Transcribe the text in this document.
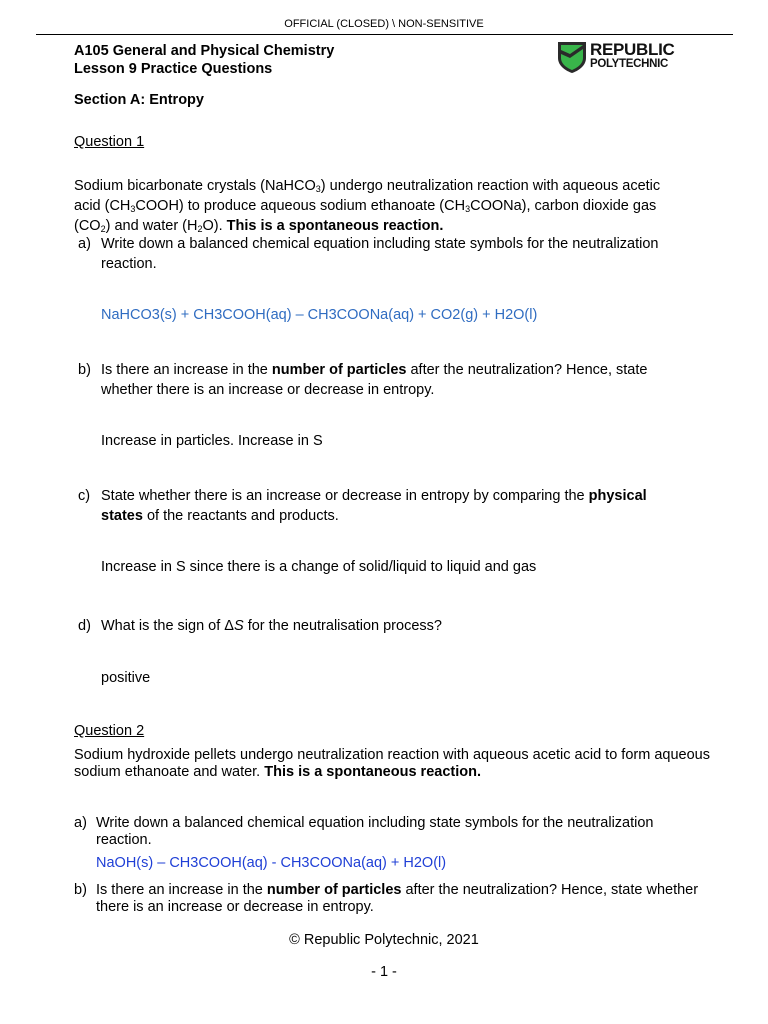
OFFICIAL (CLOSED) \ NON-SENSITIVE
A105 General and Physical Chemistry
Lesson 9 Practice Questions
REPUBLIC
POLYTECHNIC
Section A: Entropy
Question 1
Sodium bicarbonate crystals (NaHCO$_3$) undergo neutralization reaction with aqueous acetic acid $(CH_3COOH)$ to produce aqueous sodium ethanoate $(CH_3COONa)$, carbon dioxide gas $(CO_2)$ and water $(H_2O)$. This is a spontaneous reaction.
a) Write down a balanced chemical equation including state symbols for the neutralization reaction.
NaHCO3(s) + CH3COOH(aq) – CH3COONa(aq) + CO2(g) + H2O(l)
b) Is there an increase in the number of particles after the neutralization? Hence, state whether there is an increase or decrease in entropy.
Increase in particles. Increase in S
c) State whether there is an increase or decrease in entropy by comparing the physical states of the reactants and products.
Increase in S since there is a change of solid/liquid to liquid and gas
d) What is the sign of ΔS for the neutralisation process?
positive
Question 2
Sodium hydroxide pellets undergo neutralization reaction with aqueous acetic acid to form aqueous sodium ethanoate and water. This is a spontaneous reaction.
a) Write down a balanced chemical equation including state symbols for the neutralization reaction.
NaOH(s) – CH3COOH(aq) - CH3COONa(aq) + H2O(l)
b) Is there an increase in the number of particles after the neutralization? Hence, state whether there is an increase or decrease in entropy.
© Republic Polytechnic, 2021
- 1 -
